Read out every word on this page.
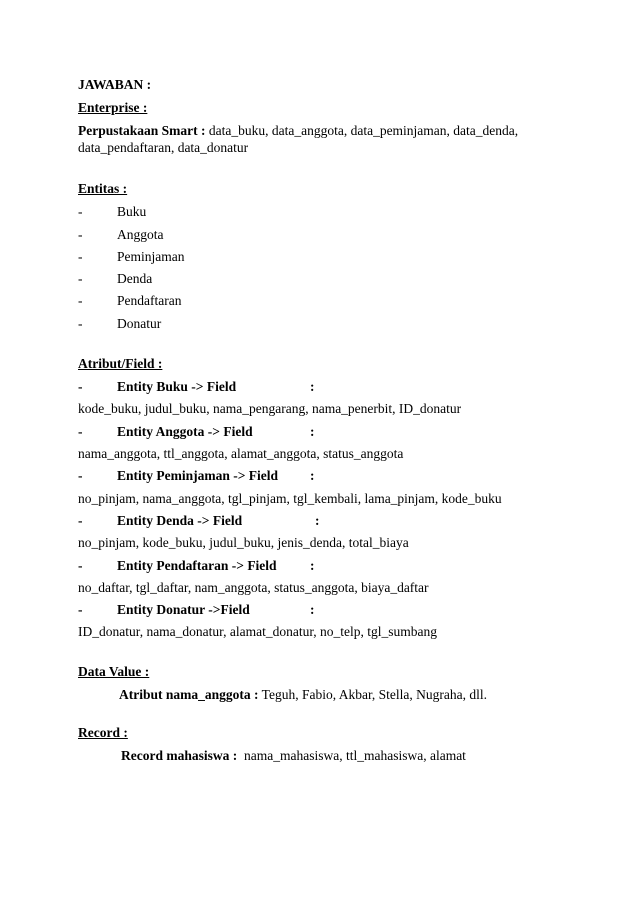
JAWABAN :
Enterprise :
Perpustakaan Smart : data_buku, data_anggota, data_peminjaman, data_denda,
data_pendaftaran, data_donatur
Entitas :
-	Buku
-	Anggota
-	Peminjaman
-	Denda
-	Pendaftaran
-	Donatur
Atribut/Field :
-	Entity Buku -> Field	:
kode_buku, judul_buku, nama_pengarang, nama_penerbit, ID_donatur
-	Entity Anggota -> Field	:
nama_anggota, ttl_anggota, alamat_anggota, status_anggota
-	Entity Peminjaman -> Field :
no_pinjam, nama_anggota, tgl_pinjam, tgl_kembali, lama_pinjam, kode_buku
-	Entity Denda -> Field	:
no_pinjam, kode_buku, judul_buku, jenis_denda, total_biaya
-	Entity Pendaftaran -> Field :
no_daftar, tgl_daftar, nam_anggota, status_anggota, biaya_daftar
-	Entity Donatur ->Field	:
ID_donatur, nama_donatur, alamat_donatur, no_telp, tgl_sumbang
Data Value :
Atribut nama_anggota : Teguh, Fabio, Akbar, Stella, Nugraha, dll.
Record :
Record mahasiswa :  nama_mahasiswa, ttl_mahasiswa, alamat
